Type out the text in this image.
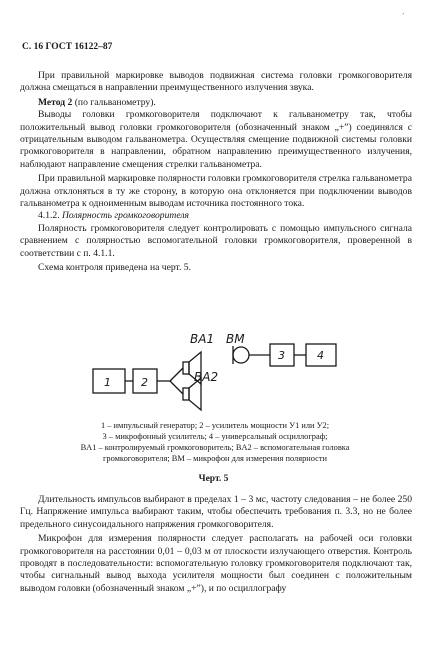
’
С. 16 ГОСТ 16122–87

При правильной маркировке выводов подвижная система головки громкоговорителя должна смещаться в направлении преимущественного излучения звука.

Метод 2 (по гальванометру).

Выводы головки громкоговорителя подключают к гальванометру так, чтобы положительный вывод головки громкоговорителя (обозначенный знаком „+”) соединялся с отрицательным выводом гальванометра. Осуществляя смещение подвижной системы головки громкоговорителя в направлении, обратном направлению преимущественного излучения, наблюдают направление смещения стрелки гальванометра.

При правильной маркировке полярности головки громкоговорителя стрелка гальванометра должна отклоняться в ту же сторону, в которую она отклоняется при подключении выводов гальванометра к одноименным выводам источника постоянного тока.

4.1.2. Полярность громкоговорителя

Полярность громкоговорителя следует контролировать с помощью импульсного сигнала сравнением с полярностью вспомогательной головки громкоговорителя, проверенной в соответствии с п. 4.1.1.

Схема контроля приведена на черт. 5.

1	2
3	4
BA1
BA2
BM
1 – импульсный генератор; 2 – усилитель мощности У1 или У2;
3 – микрофонный усилитель; 4 – универсальный осциллограф;
BA1 – контролируемый громкоговоритель; BA2 – вспомогательная головка
громкоговорителя; BM – микрофон для измерения полярности
Черт. 5

Длительность импульсов выбирают в пределах 1 – 3 мс, частоту следования – не более 250 Гц. Напряжение импульса выбирают таким, чтобы обеспечить требования п. 3.3, но не более предельного синусоидального напряжения громкоговорителя.

Микрофон для измерения полярности следует располагать на рабочей оси головки громкоговорителя на расстоянии 0,01 – 0,03 м от плоскости излучающего отверстия. Контроль проводят в последовательности: вспомогательную головку громкоговорителя подключают так, чтобы сигнальный вывод выхода усилителя мощности был соединен с положительным выводом головки (обозначенный знаком „+”), и по осциллографу
